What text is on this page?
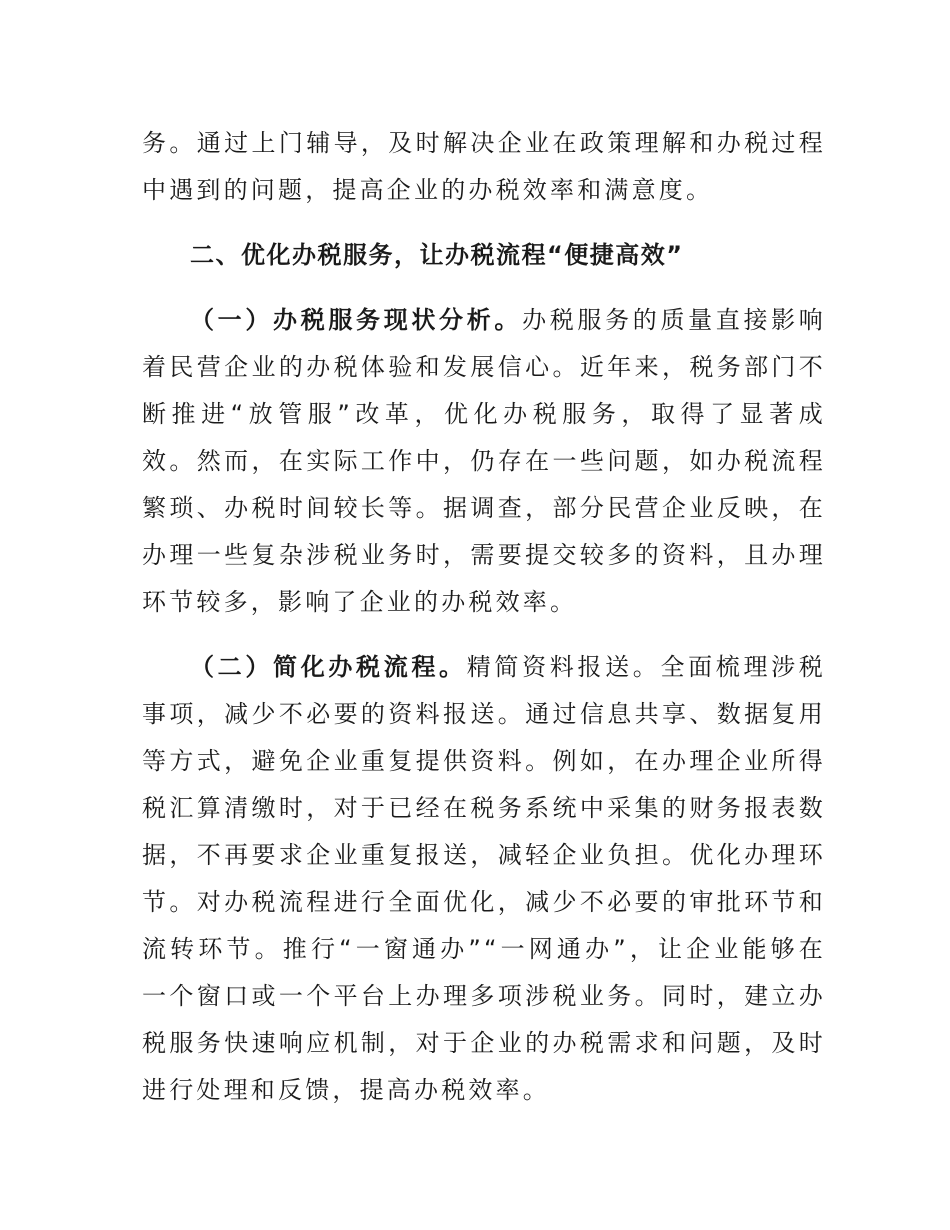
务。通过上门辅导，及时解决企业在政策理解和办税过程中遇到的问题，提高企业的办税效率和满意度。

二、优化办税服务，让办税流程“便捷高效”

（一）办税服务现状分析。办税服务的质量直接影响着民营企业的办税体验和发展信心。近年来，税务部门不断推进“放管服”改革，优化办税服务，取得了显著成效。然而，在实际工作中，仍存在一些问题，如办税流程繁琐、办税时间较长等。据调查，部分民营企业反映，在办理一些复杂涉税业务时，需要提交较多的资料，且办理环节较多，影响了企业的办税效率。

（二）简化办税流程。精简资料报送。全面梳理涉税事项，减少不必要的资料报送。通过信息共享、数据复用等方式，避免企业重复提供资料。例如，在办理企业所得税汇算清缴时，对于已经在税务系统中采集的财务报表数据，不再要求企业重复报送，减轻企业负担。优化办理环节。对办税流程进行全面优化，减少不必要的审批环节和流转环节。推行“一窗通办”“一网通办”，让企业能够在一个窗口或一个平台上办理多项涉税业务。同时，建立办税服务快速响应机制，对于企业的办税需求和问题，及时进行处理和反馈，提高办税效率。
